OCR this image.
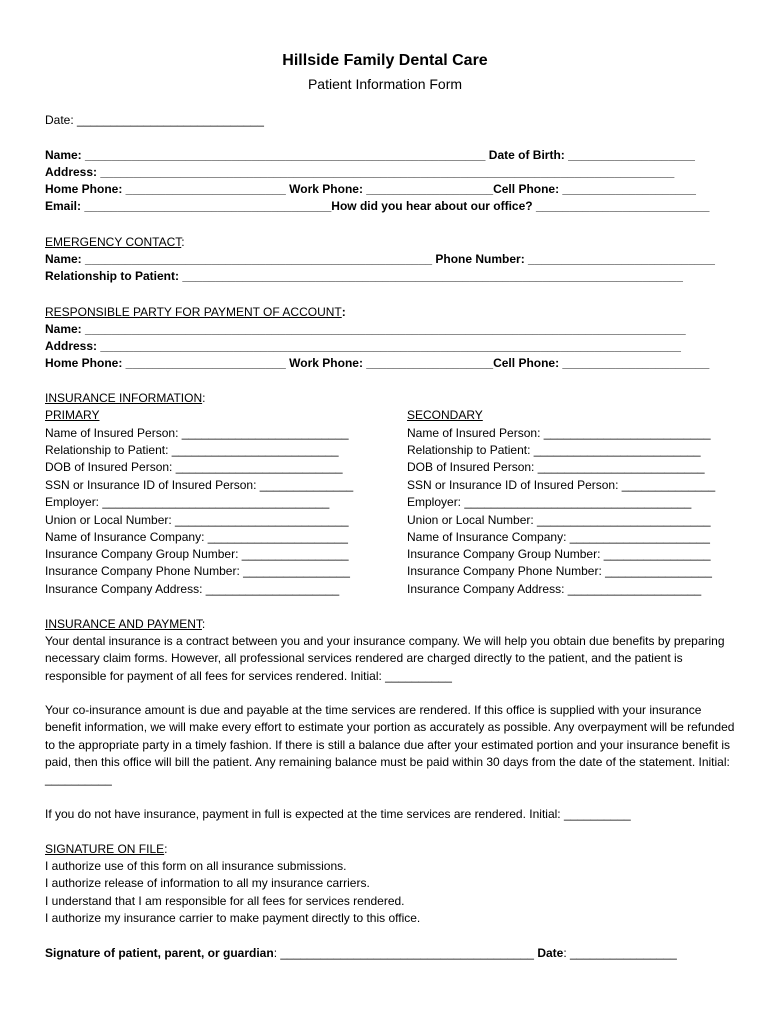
Hillside Family Dental Care
Patient Information Form
Date: ____________________________
Name: ____________________________________________________________ Date of Birth: ___________________
Address: ______________________________________________________________________________________
Home Phone: ________________________ Work Phone: ___________________Cell Phone: ____________________
Email: _____________________________________How did you hear about our office? __________________________
EMERGENCY CONTACT:
Name: ____________________________________________________ Phone Number: ____________________________
Relationship to Patient: ___________________________________________________________________________
RESPONSIBLE PARTY FOR PAYMENT OF ACCOUNT:
Name: __________________________________________________________________________________________
Address: _______________________________________________________________________________________
Home Phone: ________________________ Work Phone: ___________________Cell Phone: ______________________
INSURANCE INFORMATION:
PRIMARY	SECONDARY
Name of Insured Person: _________________________
Relationship to Patient: _________________________
DOB of Insured Person: _________________________
SSN or Insurance ID of Insured Person: ______________
Employer: __________________________________
Union or Local Number: __________________________
Name of Insurance Company: _____________________
Insurance Company Group Number: ________________
Insurance Company Phone Number: ________________
Insurance Company Address: ____________________
Name of Insured Person: _________________________
Relationship to Patient: _________________________
DOB of Insured Person: _________________________
SSN or Insurance ID of Insured Person: ______________
Employer: __________________________________
Union or Local Number: __________________________
Name of Insurance Company: _____________________
Insurance Company Group Number: ________________
Insurance Company Phone Number: ________________
Insurance Company Address: ____________________
INSURANCE AND PAYMENT:
Your dental insurance is a contract between you and your insurance company. We will help you obtain due benefits by preparing necessary claim forms. However, all professional services rendered are charged directly to the patient, and the patient is responsible for payment of all fees for services rendered. Initial: __________
Your co-insurance amount is due and payable at the time services are rendered. If this office is supplied with your insurance benefit information, we will make every effort to estimate your portion as accurately as possible. Any overpayment will be refunded to the appropriate party in a timely fashion. If there is still a balance due after your estimated portion and your insurance benefit is paid, then this office will bill the patient. Any remaining balance must be paid within 30 days from the date of the statement. Initial: __________
If you do not have insurance, payment in full is expected at the time services are rendered. Initial: __________
SIGNATURE ON FILE:
I authorize use of this form on all insurance submissions.
I authorize release of information to all my insurance carriers.
I understand that I am responsible for all fees for services rendered.
I authorize my insurance carrier to make payment directly to this office.
Signature of patient, parent, or guardian: ______________________________________ Date: ________________
